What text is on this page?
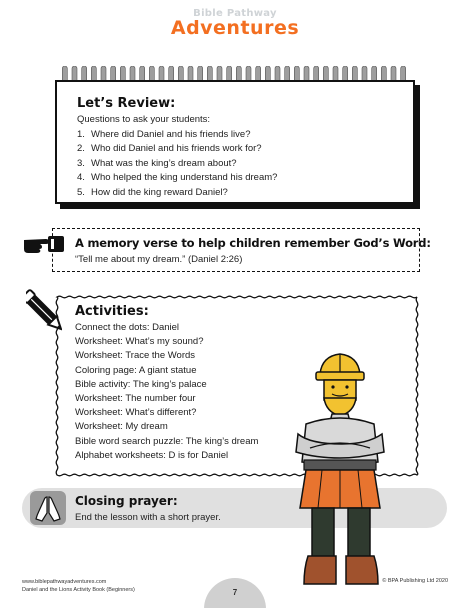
Bible Pathway
Adventures
Let’s Review:
Questions to ask your students:
1. Where did Daniel and his friends live?
2. Who did Daniel and his friends work for?
3. What was the king’s dream about?
4. Who helped the king understand his dream?
5. How did the king reward Daniel?
A memory verse to help children remember God’s Word:
“Tell me about my dream.” (Daniel 2:26)
Activities:
Connect the dots: Daniel
Worksheet: What’s my sound?
Worksheet: Trace the Words
Coloring page: A giant statue
Bible activity: The king’s palace
Worksheet: The number four
Worksheet: What’s different?
Worksheet: My dream
Bible word search puzzle: The king’s dream
Alphabet worksheets: D is for Daniel
Closing prayer:
End the lesson with a short prayer.
www.biblepathwayadventures.com
Daniel and the Lions Activity Book (Beginners)	7
© BPA Publishing Ltd 2020
